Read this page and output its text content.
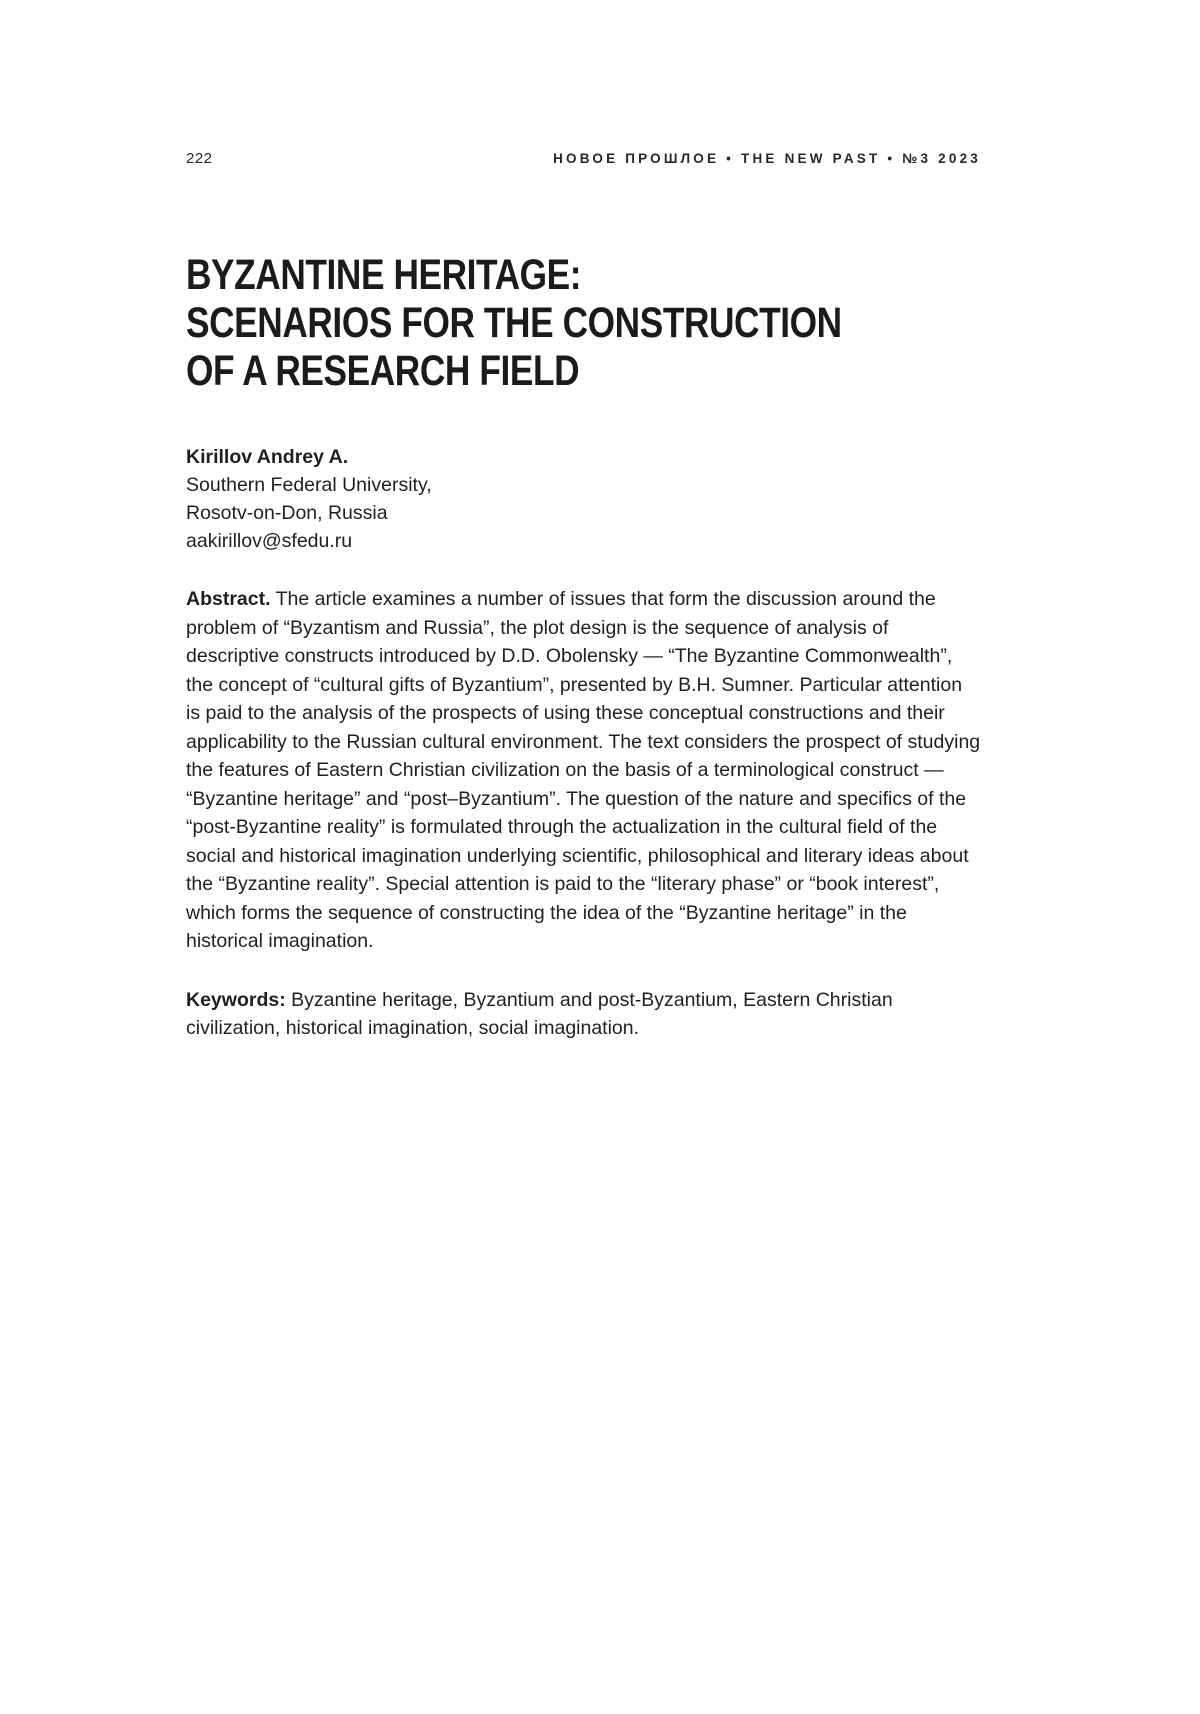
222	НОВОЕ ПРОШЛОЕ • THE NEW PAST • №3 2023
BYZANTINE HERITAGE:
SCENARIOS FOR THE CONSTRUCTION
OF A RESEARCH FIELD
Kirillov Andrey A.
Southern Federal University,
Rosotv-on-Don, Russia
aakirillov@sfedu.ru

Abstract. The article examines a number of issues that form the discussion around the problem of “Byzantism and Russia”, the plot design is the sequence of analysis of descriptive constructs introduced by D.D. Obolensky — “The Byzantine Commonwealth”, the concept of “cultural gifts of Byzantium”, presented by B.H. Sumner. Particular attention is paid to the analysis of the prospects of using these conceptual constructions and their applicability to the Russian cultural environment. The text considers the prospect of studying the features of Eastern Christian civilization on the basis of a terminological construct — “Byzantine heritage” and “post–Byzantium”. The question of the nature and specifics of the “post-Byzantine reality” is formulated through the actualization in the cultural field of the social and historical imagination underlying scientific, philosophical and literary ideas about the “Byzantine reality”. Special attention is paid to the “literary phase” or “book interest”, which forms the sequence of constructing the idea of the “Byzantine heritage” in the historical imagination.

Keywords: Byzantine heritage, Byzantium and post-Byzantium, Eastern Christian civilization, historical imagination, social imagination.
